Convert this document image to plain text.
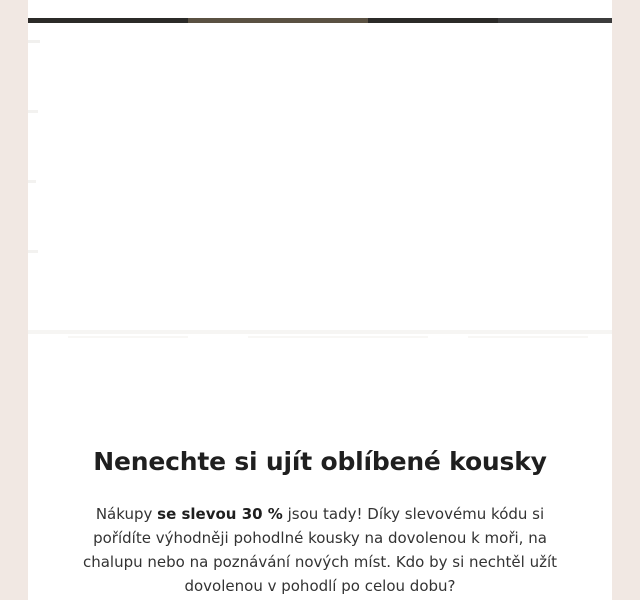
Nenechte si ujít oblíbené kousky

Nákupy se slevou 30 % jsou tady! Díky slevovému kódu si pořídíte výhodněji pohodlné kousky na dovolenou k moři, na chalupu nebo na poznávání nových míst. Kdo by si nechtěl užít dovolenou v pohodlí po celou dobu?
